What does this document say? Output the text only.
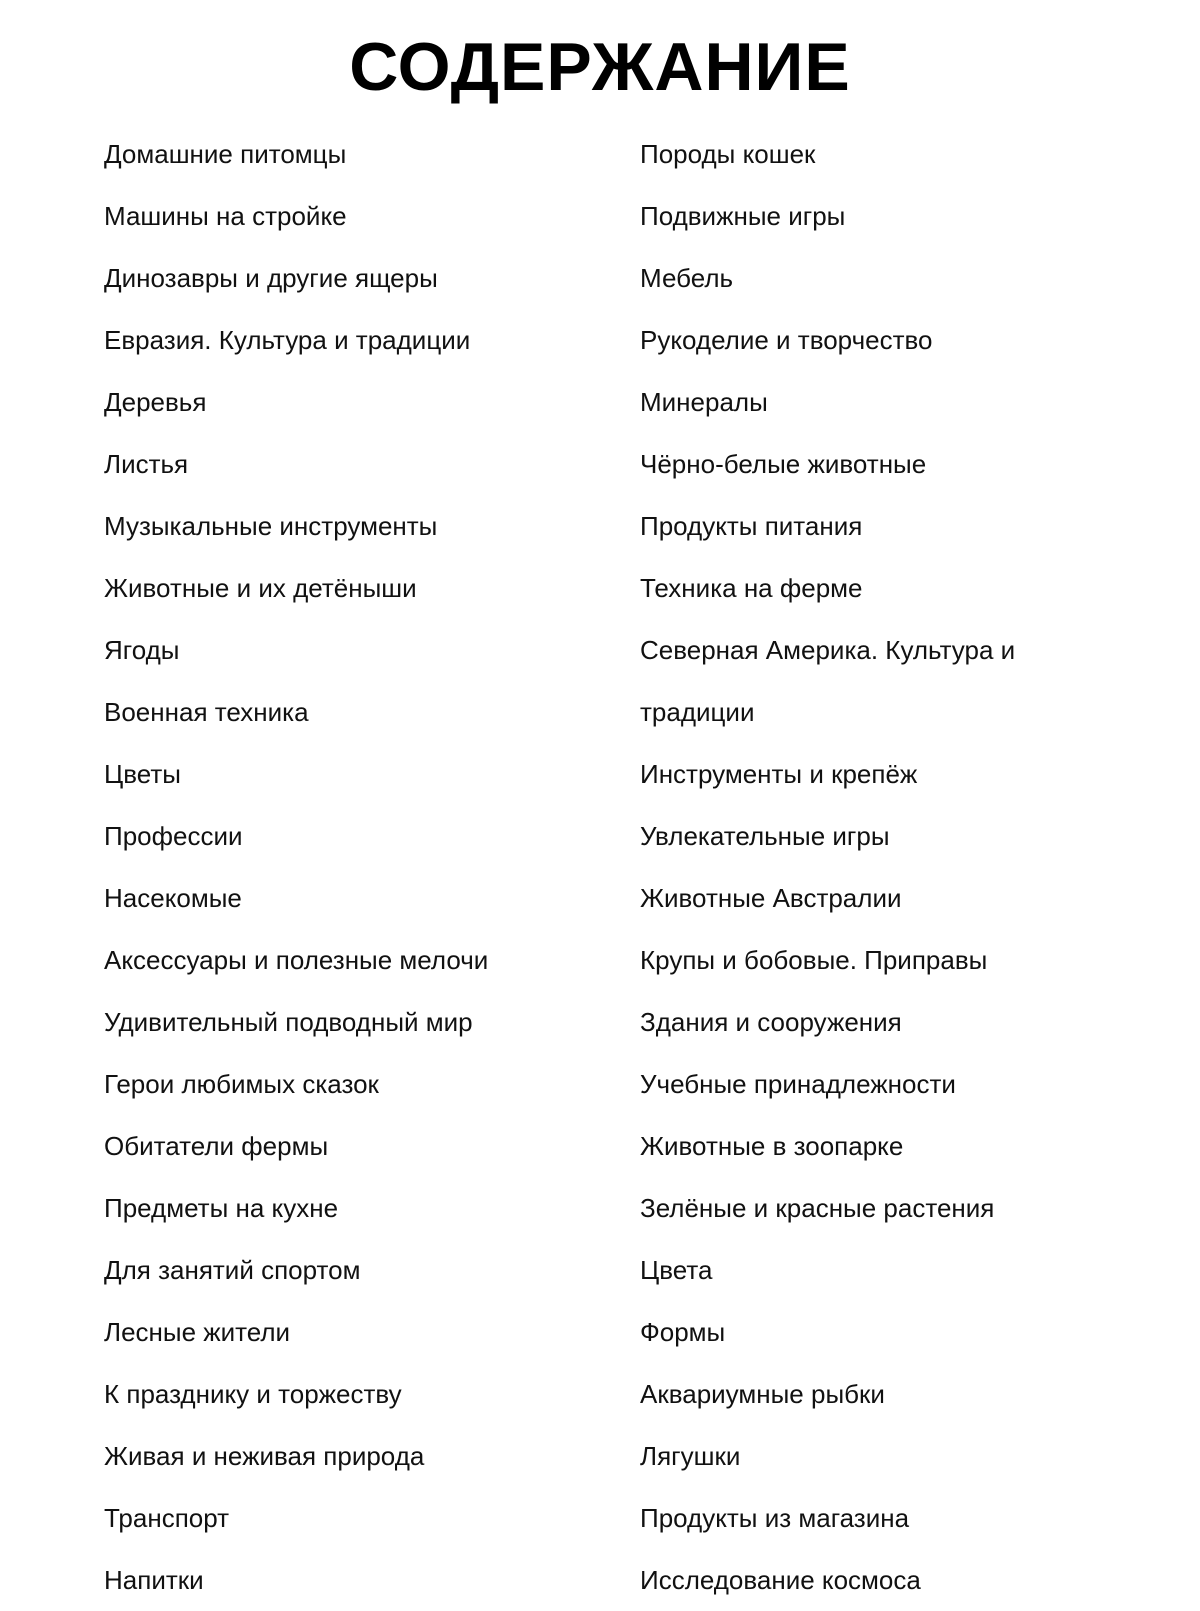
СОДЕРЖАНИЕ
Домашние питомцы
Машины на стройке
Динозавры и другие ящеры
Евразия. Культура и традиции
Деревья
Листья
Музыкальные инструменты
Животные и их детёныши
Ягоды
Военная техника
Цветы
Профессии
Насекомые
Аксессуары и полезные мелочи
Удивительный подводный мир
Герои любимых сказок
Обитатели фермы
Предметы на кухне
Для занятий спортом
Лесные жители
К празднику и торжеству
Живая и неживая природа
Транспорт
Напитки
Породы кошек
Подвижные игры
Мебель
Рукоделие и творчество
Минералы
Чёрно-белые животные
Продукты питания
Техника на ферме
Северная Америка. Культура и
традиции
Инструменты и крепёж
Увлекательные игры
Животные Австралии
Крупы и бобовые. Приправы
Здания и сооружения
Учебные принадлежности
Животные в зоопарке
Зелёные и красные растения
Цвета
Формы
Аквариумные рыбки
Лягушки
Продукты из магазина
Исследование космоса
